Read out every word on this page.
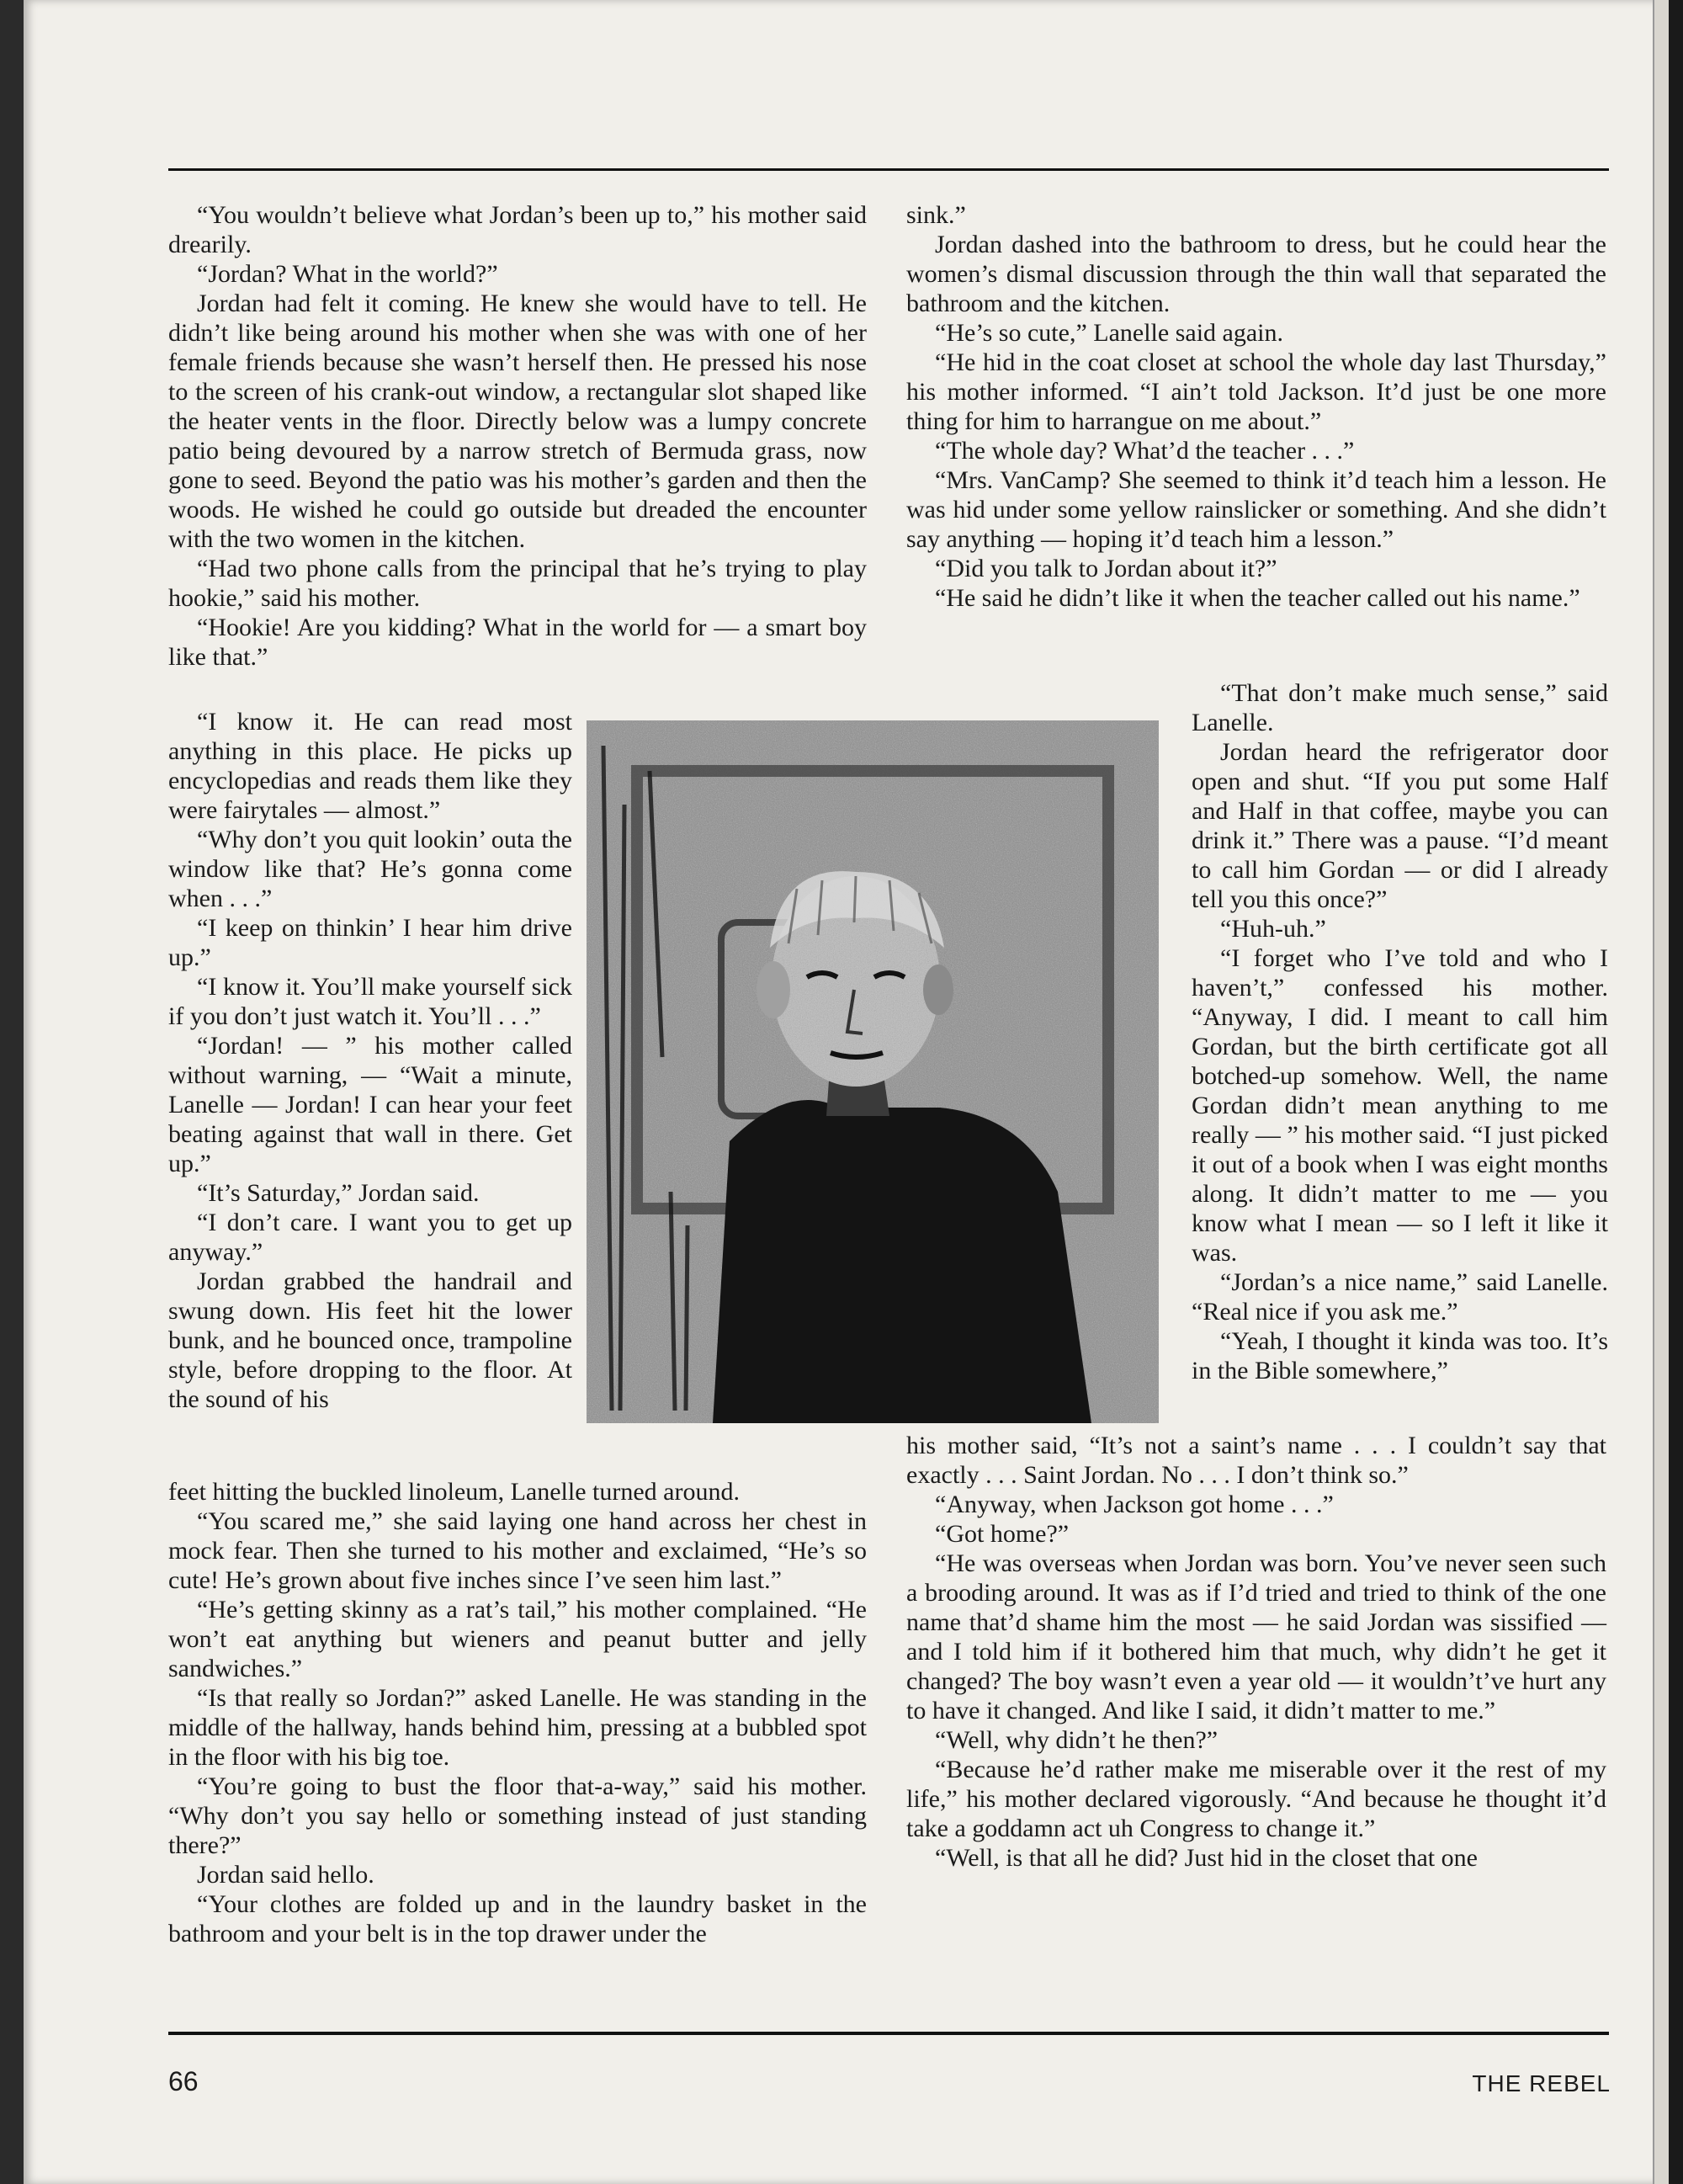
“You wouldn’t believe what Jordan’s been up to,” his mother said drearily.

“Jordan? What in the world?”

Jordan had felt it coming. He knew she would have to tell. He didn’t like being around his mother when she was with one of her female friends because she wasn’t herself then. He pressed his nose to the screen of his crank-out window, a rectangular slot shaped like the heater vents in the floor. Directly below was a lumpy concrete patio being devoured by a narrow stretch of Bermuda grass, now gone to seed. Beyond the patio was his mother’s garden and then the woods. He wished he could go outside but dreaded the encounter with the two women in the kitchen.

“Had two phone calls from the principal that he’s trying to play hookie,” said his mother.

“Hookie! Are you kidding? What in the world for — a smart boy like that.”

“I know it. He can read most anything in this place. He picks up encyclopedias and reads them like they were fairytales — almost.”

“Why don’t you quit lookin’ outa the window like that? He’s gonna come when . . .”

“I keep on thinkin’ I hear him drive up.”

“I know it. You’ll make yourself sick if you don’t just watch it. You’ll . . .”

“Jordan! — ” his mother called without warning, — “Wait a minute, Lanelle — Jordan! I can hear your feet beating against that wall in there. Get up.”

“It’s Saturday,” Jordan said.

“I don’t care. I want you to get up anyway.”

Jordan grabbed the handrail and swung down. His feet hit the lower bunk, and he bounced once, trampoline style, before dropping to the floor. At the sound of his

feet hitting the buckled linoleum, Lanelle turned around.

“You scared me,” she said laying one hand across her chest in mock fear. Then she turned to his mother and exclaimed, “He’s so cute! He’s grown about five inches since I’ve seen him last.”

“He’s getting skinny as a rat’s tail,” his mother complained. “He won’t eat anything but wieners and peanut butter and jelly sandwiches.”

“Is that really so Jordan?” asked Lanelle. He was standing in the middle of the hallway, hands behind him, pressing at a bubbled spot in the floor with his big toe.

“You’re going to bust the floor that-a-way,” said his mother. “Why don’t you say hello or something instead of just standing there?”

Jordan said hello.

“Your clothes are folded up and in the laundry basket in the bathroom and your belt is in the top drawer under the

sink.”

Jordan dashed into the bathroom to dress, but he could hear the women’s dismal discussion through the thin wall that separated the bathroom and the kitchen.

“He’s so cute,” Lanelle said again.

“He hid in the coat closet at school the whole day last Thursday,” his mother informed. “I ain’t told Jackson. It’d just be one more thing for him to harrangue on me about.”

“The whole day? What’d the teacher . . .”

“Mrs. VanCamp? She seemed to think it’d teach him a lesson. He was hid under some yellow rainslicker or something. And she didn’t say anything — hoping it’d teach him a lesson.”

“Did you talk to Jordan about it?”

“He said he didn’t like it when the teacher called out his name.”

“That don’t make much sense,” said Lanelle.

Jordan heard the refrigerator door open and shut. “If you put some Half and Half in that coffee, maybe you can drink it.” There was a pause. “I’d meant to call him Gordan — or did I already tell you this once?”

“Huh-uh.”

“I forget who I’ve told and who I haven’t,” confessed his mother. “Anyway, I did. I meant to call him Gordan, but the birth certificate got all botched-up somehow. Well, the name Gordan didn’t mean anything to me really — ” his mother said. “I just picked it out of a book when I was eight months along. It didn’t matter to me — you know what I mean — so I left it like it was.

“Jordan’s a nice name,” said Lanelle. “Real nice if you ask me.”

“Yeah, I thought it kinda was too. It’s in the Bible somewhere,”

his mother said, “It’s not a saint’s name . . . I couldn’t say that exactly . . . Saint Jordan. No . . . I don’t think so.”

“Anyway, when Jackson got home . . .”

“Got home?”

“He was overseas when Jordan was born. You’ve never seen such a brooding around. It was as if I’d tried and tried to think of the one name that’d shame him the most — he said Jordan was sissified — and I told him if it bothered him that much, why didn’t he get it changed? The boy wasn’t even a year old — it wouldn’t’ve hurt any to have it changed. And like I said, it didn’t matter to me.”

“Well, why didn’t he then?”

“Because he’d rather make me miserable over it the rest of my life,” his mother declared vigorously. “And because he thought it’d take a goddamn act uh Congress to change it.”

“Well, is that all he did? Just hid in the closet that one

66	THE REBEL
